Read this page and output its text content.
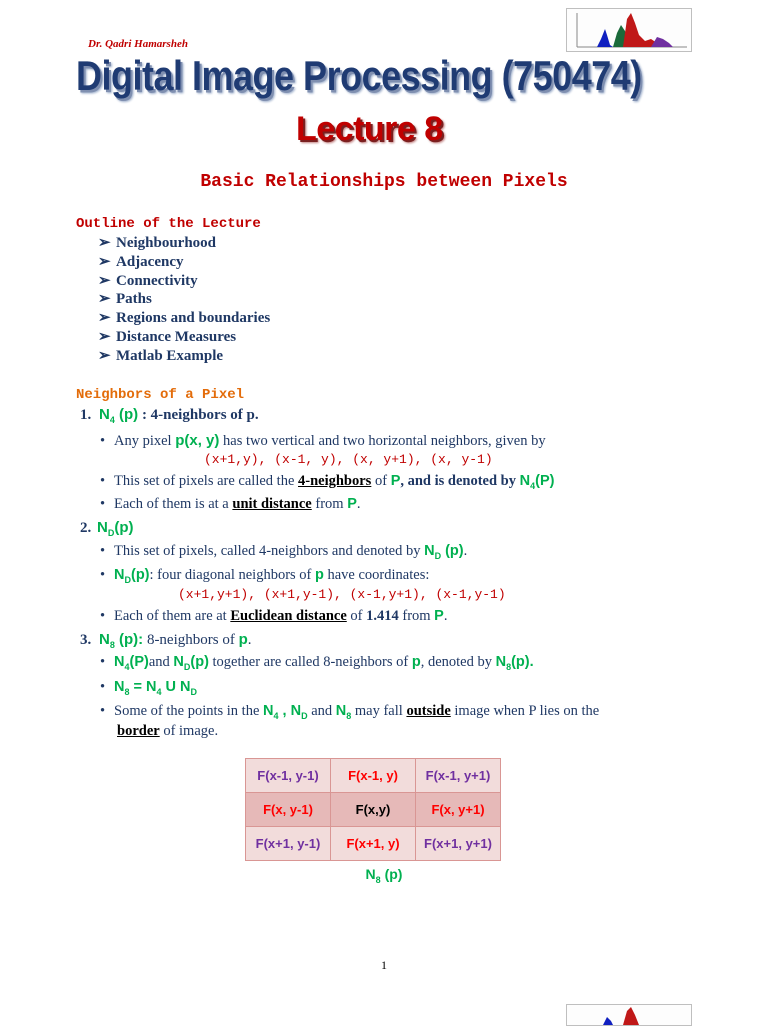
Dr. Qadri Hamarsheh
Digital Image Processing (750474)
Lecture 8
Basic Relationships between Pixels
Outline of the Lecture
➢ Neighbourhood
➢ Adjacency
➢ Connectivity
➢ Paths
➢ Regions and boundaries
➢ Distance Measures
➢ Matlab Example
Neighbors of a Pixel
1. $N_4$ (p) : 4-neighbors of p.
• Any pixel p(x, y) has two vertical and two horizontal neighbors, given by
(x+1,y), (x-1, y), (x, y+1), (x, y-1)
• This set of pixels are called the 4-neighbors of P, and is denoted by $N_4(P)$
• Each of them is at a unit distance from P.
2. $N_D(p)$
• This set of pixels, called 4-neighbors and denoted by $N_D$ (p).
• $N_D(p)$: four diagonal neighbors of p have coordinates:
(x+1,y+1), (x+1,y-1), (x-1,y+1), (x-1,y-1)
• Each of them are at Euclidean distance of 1.414 from P.
3. $N_8$ (p): 8-neighbors of p.
• $N_4(P)and$ $N_D(p)$ together are called 8-neighbors of p, denoted by $N_8(p)$.
• $N_8 = N_4$ U $N_D$
• Some of the points in the $N_4$ , $N_D$ and $N_8$ may fall outside image when P lies on the
border of image.
F(x-1, y-1)	F(x-1, y)	F(x-1, y+1)
F(x, y-1)	F(x,y)	F(x, y+1)
F(x+1, y-1)	F(x+1, y)	F(x+1, y+1)
$N_8$ (p)
1
